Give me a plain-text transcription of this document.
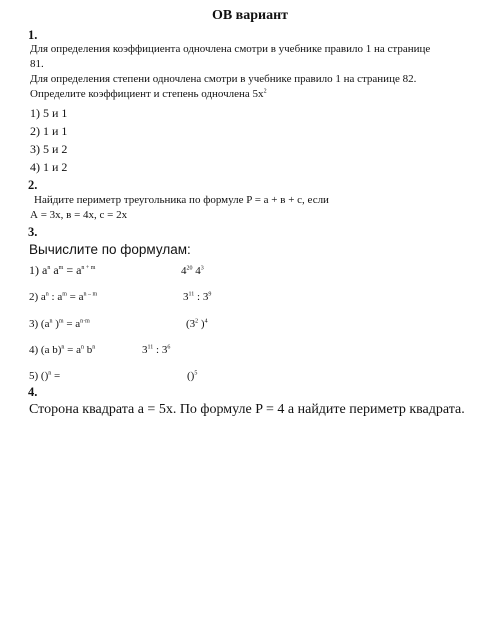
ОВ вариант
1.
Для определения коэффициента одночлена смотри в учебнике правило 1 на странице
81.
Для определения степени одночлена смотри в учебнике правило 1 на странице 82.
Определите коэффициент и степень одночлена $5x^2$
1) 5 и 1
2) 1 и 1
3) 5 и 2
4) 1 и 2
2.
Найдите периметр треугольника по формуле P = a + в + c, если
А = 3x, в = 4x, c = 2x
3.
Вычислите по формулам:
1) $a^n$ $a^m = a^{n + m}$	$4^{20}$ $4^3$
2) $a^n$ : $a^m = a^{n - m}$	$3^{11}$ : $3^9$
3) ($a^n$ )$^m = a^{n\cdot m}$	($3^2$ )$^4$
4) (a $b)^n = a^n$ $b^n$	$3^{11}$ : $3^6$
5) ()$^n$ =	()$^5$
4.
Сторона квадрата a = 5x. По формуле P = 4 a найдите периметр квадрата.
